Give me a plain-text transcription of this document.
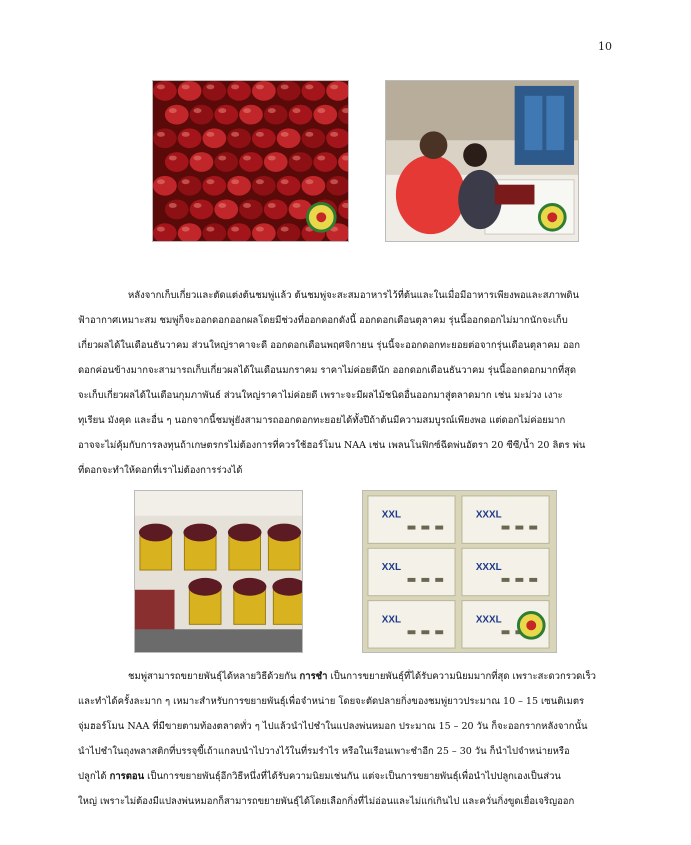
10
หลังจากเก็บเกี่ยวและตัดแต่งต้นชมพู่แล้ว ต้นชมพู่จะสะสมอาหารไว้ที่ต้นและในเมื่อมีอาหารเพียงพอและสภาพดิน
ฟ้าอากาศเหมาะสม ชมพู่ก็จะออกดอกออกผลโดยมีช่วงที่ออกดอกดังนี้ ออกดอกเดือนตุลาคม รุ่นนี้ออกดอกไม่มากนักจะเก็บ
เกี่ยวผลได้ในเดือนธันวาคม ส่วนใหญ่ราคาจะดี ออกดอกเดือนพฤศจิกายน รุ่นนี้จะออกดอกทะยอยต่อจากรุ่นเดือนตุลาคม ออก
ดอกค่อนข้างมากจะสามารถเก็บเกี่ยวผลได้ในเดือนมกราคม ราคาไม่ค่อยดีนัก ออกดอกเดือนธันวาคม รุ่นนี้ออกดอกมากที่สุด
จะเก็บเกี่ยวผลได้ในเดือนกุมภาพันธ์ ส่วนใหญ่ราคาไม่ค่อยดี เพราะจะมีผลไม้ชนิดอื่นออกมาสู่ตลาดมาก เช่น มะม่วง เงาะ
ทุเรียน มังคุด และอื่น ๆ นอกจากนี้ชมพู่ยังสามารถออกดอกทะยอยได้ทั้งปีถ้าต้นมีความสมบูรณ์เพียงพอ แต่ดอกไม่ค่อยมาก
อาจจะไม่คุ้มกับการลงทุนถ้าเกษตรกรไม่ต้องการที่ควรใช้ฮอร์โมน NAA เช่น เพลนโนฟิกซ์ฉีดพ่นอัตรา 20 ซีซี/น้ำ 20 ลิตร พ่น
ที่ดอกจะทำให้ดอกที่เราไม่ต้องการร่วงได้
XXL	XXXL
XXL	XXXL
XXL	XXXL
ชมพู่สามารถขยายพันธุ์ได้หลายวิธีด้วยกัน การชำ เป็นการขยายพันธุ์ที่ได้รับความนิยมมากที่สุด เพราะสะดวกรวดเร็ว
และทำได้ครั้งละมาก ๆ เหมาะสำหรับการขยายพันธุ์เพื่อจำหน่าย โดยจะตัดปลายกิ่งของชมพู่ยาวประมาณ 10 – 15 เซนติเมตร
จุ่มฮอร์โมน NAA ที่มีขายตามท้องตลาดทั่ว ๆ ไปแล้วนำไปชำในแปลงพ่นหมอก ประมาณ 15 – 20 วัน ก็จะออกรากหลังจากนั้น
นำไปชำในถุงพลาสติกที่บรรจุขี้เถ้าแกลบนำไปวางไว้ในที่รมรำไร หรือในเรือนเพาะชำอีก 25 – 30 วัน ก็นำไปจำหน่ายหรือ
ปลูกได้ การตอน เป็นการขยายพันธุ์อีกวิธีหนึ่งที่ได้รับความนิยมเช่นกัน แต่จะเป็นการขยายพันธุ์เพื่อนำไปปลูกเองเป็นส่วน
ใหญ่ เพราะไม่ต้องมีแปลงพ่นหมอกก็สามารถขยายพันธุ์ได้โดยเลือกกิ่งที่ไม่อ่อนและไม่แก่เกินไป และควั่นกิ่งขูดเยื่อเจริญออก
